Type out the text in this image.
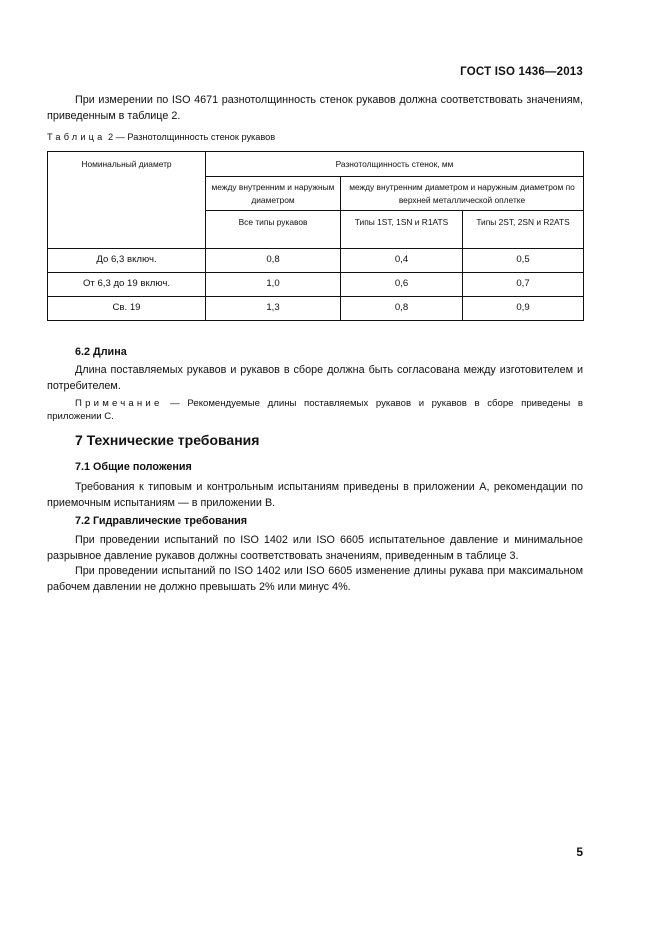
ГОСТ ISO 1436—2013

При измерении по ISO 4671 разнотолщинность стенок рукавов должна соответствовать значениям, приведенным в таблице 2.

Таблица 2 — Разнотолщинность стенок рукавов
Номинальный диаметр	Разнотолщинность стенок, мм		
	между внутренним и наружным диаметром	между внутренним диаметром и наружным диаметром по верхней металлической оплетке	
	Все типы рукавов	Типы 1ST, 1SN и R1ATS	Типы 2ST, 2SN и R2ATS
До 6,3 включ.	0,8	0,4	0,5
От 6,3 до 19 включ.	1,0	0,6	0,7
Св. 19	1,3	0,8	0,9
6.2 Длина

Длина поставляемых рукавов и рукавов в сборе должна быть согласована между изготовителем и потребителем.

Примечание — Рекомендуемые длины поставляемых рукавов и рукавов в сборе приведены в приложении С.

7 Технические требования
7.1 Общие положения

Требования к типовым и контрольным испытаниям приведены в приложении А, рекомендации по приемочным испытаниям — в приложении В.

7.2 Гидравлические требования

При проведении испытаний по ISO 1402 или ISO 6605 испытательное давление и минимальное разрывное давление рукавов должны соответствовать значениям, приведенным в таблице 3.

При проведении испытаний по ISO 1402 или ISO 6605 изменение длины рукава при максимальном рабочем давлении не должно превышать 2% или минус 4%.

5
